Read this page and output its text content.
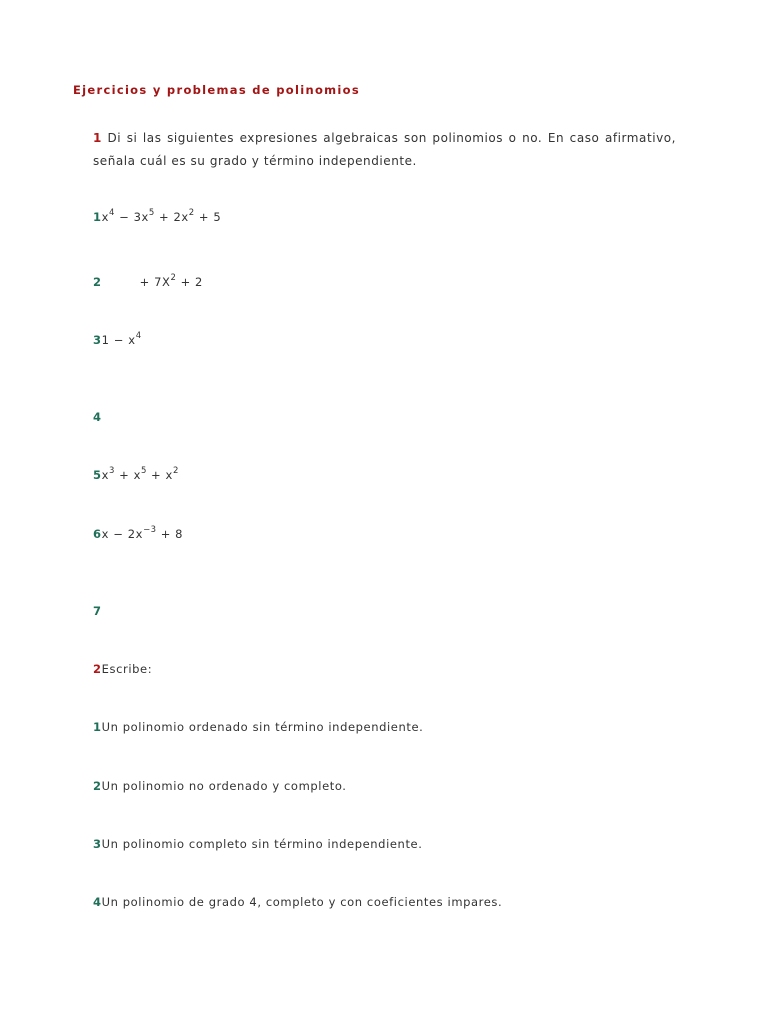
Ejercicios y problemas de polinomios
1 Di si las siguientes expresiones algebraicas son polinomios o no. En caso afirmativo, señala cuál es su grado y término independiente.
$1x^4 - 3x^5 + 2x^2 + 5$
2	+ $7X^2 + 2$
$31 - x^4$
4
$5x^3 + x^5 + x^2$
$6x - 2x^{-3} + 8$
7
2Escribe:
1Un polinomio ordenado sin término independiente.
2Un polinomio no ordenado y completo.
3Un polinomio completo sin término independiente.
4Un polinomio de grado 4, completo y con coeficientes impares.
